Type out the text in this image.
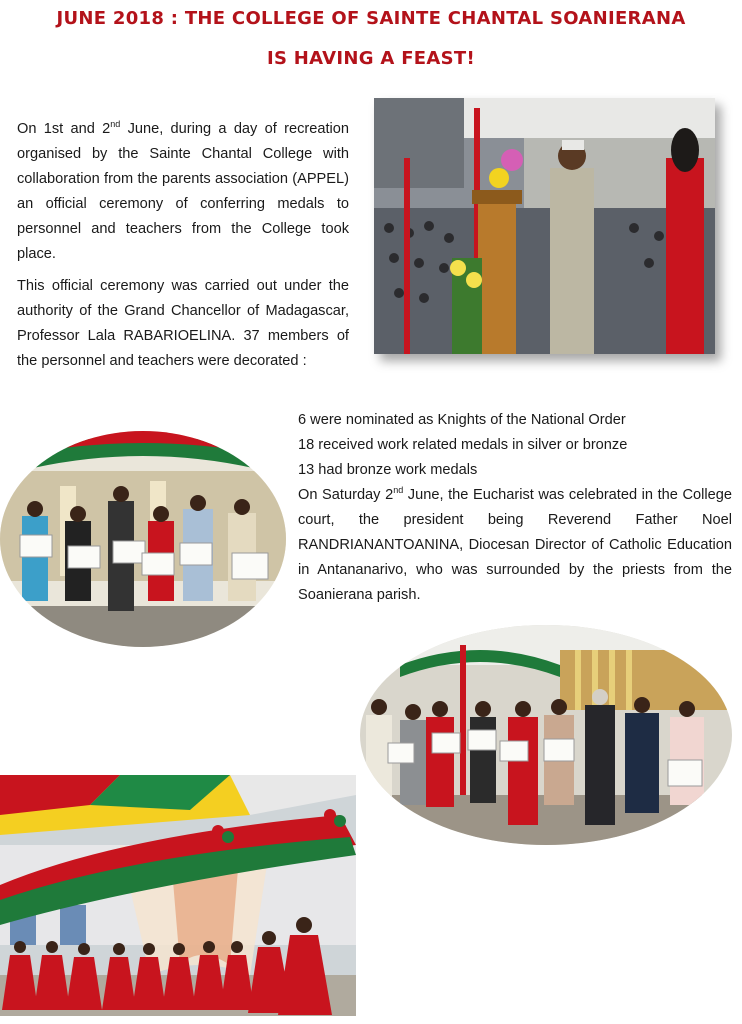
JUNE 2018 : THE COLLEGE OF SAINTE CHANTAL SOANIERANA
IS HAVING A FEAST!

On 1st and 2nd June, during a day of recreation organised by the Sainte Chantal College with collaboration from the parents association (APPEL) an official ceremony of conferring medals to personnel and teachers from the College took place.

This official ceremony was carried out under the authority of the Grand Chancellor of Madagascar, Professor Lala RABARIOELINA. 37 members of the personnel and teachers were decorated :

6 were nominated as Knights of the National Order
18 received work related medals in silver or bronze
13 had bronze work medals

On Saturday 2nd June, the Eucharist was celebrated in the College court, the president being Reverend Father Noel RANDRIANANTOANINA, Diocesan Director of Catholic Education in Antananarivo, who was surrounded by the priests from the Soanierana parish.
